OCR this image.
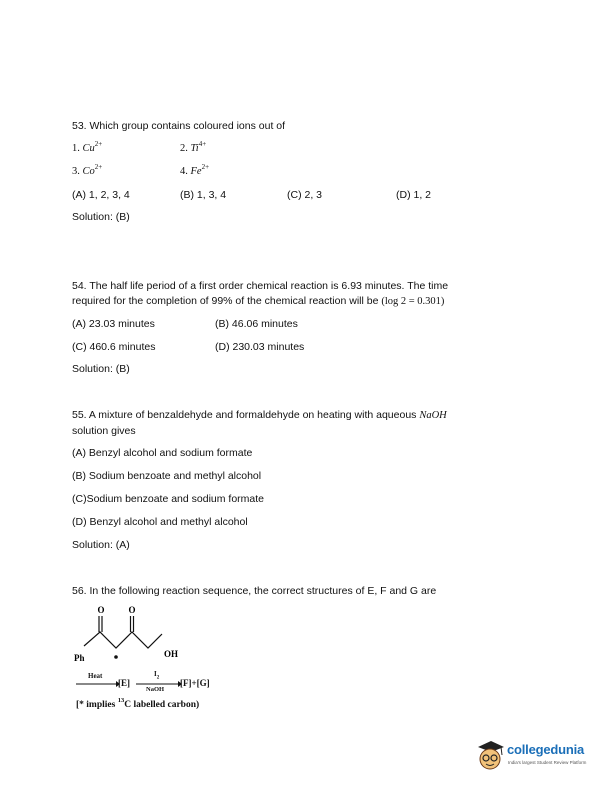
53. Which group contains coloured ions out of
1. $Cu^{2+}$	2. $Ti^{4+}$
3. $Co^{2+}$	4. $Fe^{2+}$
(A) 1, 2, 3, 4	(B) 1, 3, 4	(C) 2, 3	(D) 1, 2
Solution: (B)
54. The half life period of a first order chemical reaction is 6.93 minutes. The time
required for the completion of 99% of the chemical reaction will be (log 2 = 0.301)
(A) 23.03 minutes	(B) 46.06 minutes
(C) 460.6 minutes	(D) 230.03 minutes
Solution: (B)
55. A mixture of benzaldehyde and formaldehyde on heating with aqueous NaOH
solution gives
(A) Benzyl alcohol and sodium formate
(B) Sodium benzoate and methyl alcohol
(C)Sodium benzoate and sodium formate
(D) Benzyl alcohol and methyl alcohol
Solution: (A)
56. In the following reaction sequence, the correct structures of E, F and G are
O	O
Ph	OH
Heat
[E]
$I_2$
NaOH
[F]+[G]
[* implies $^{13}$C labelled carbon)
collegedunia
India's largest Student Review Platform
